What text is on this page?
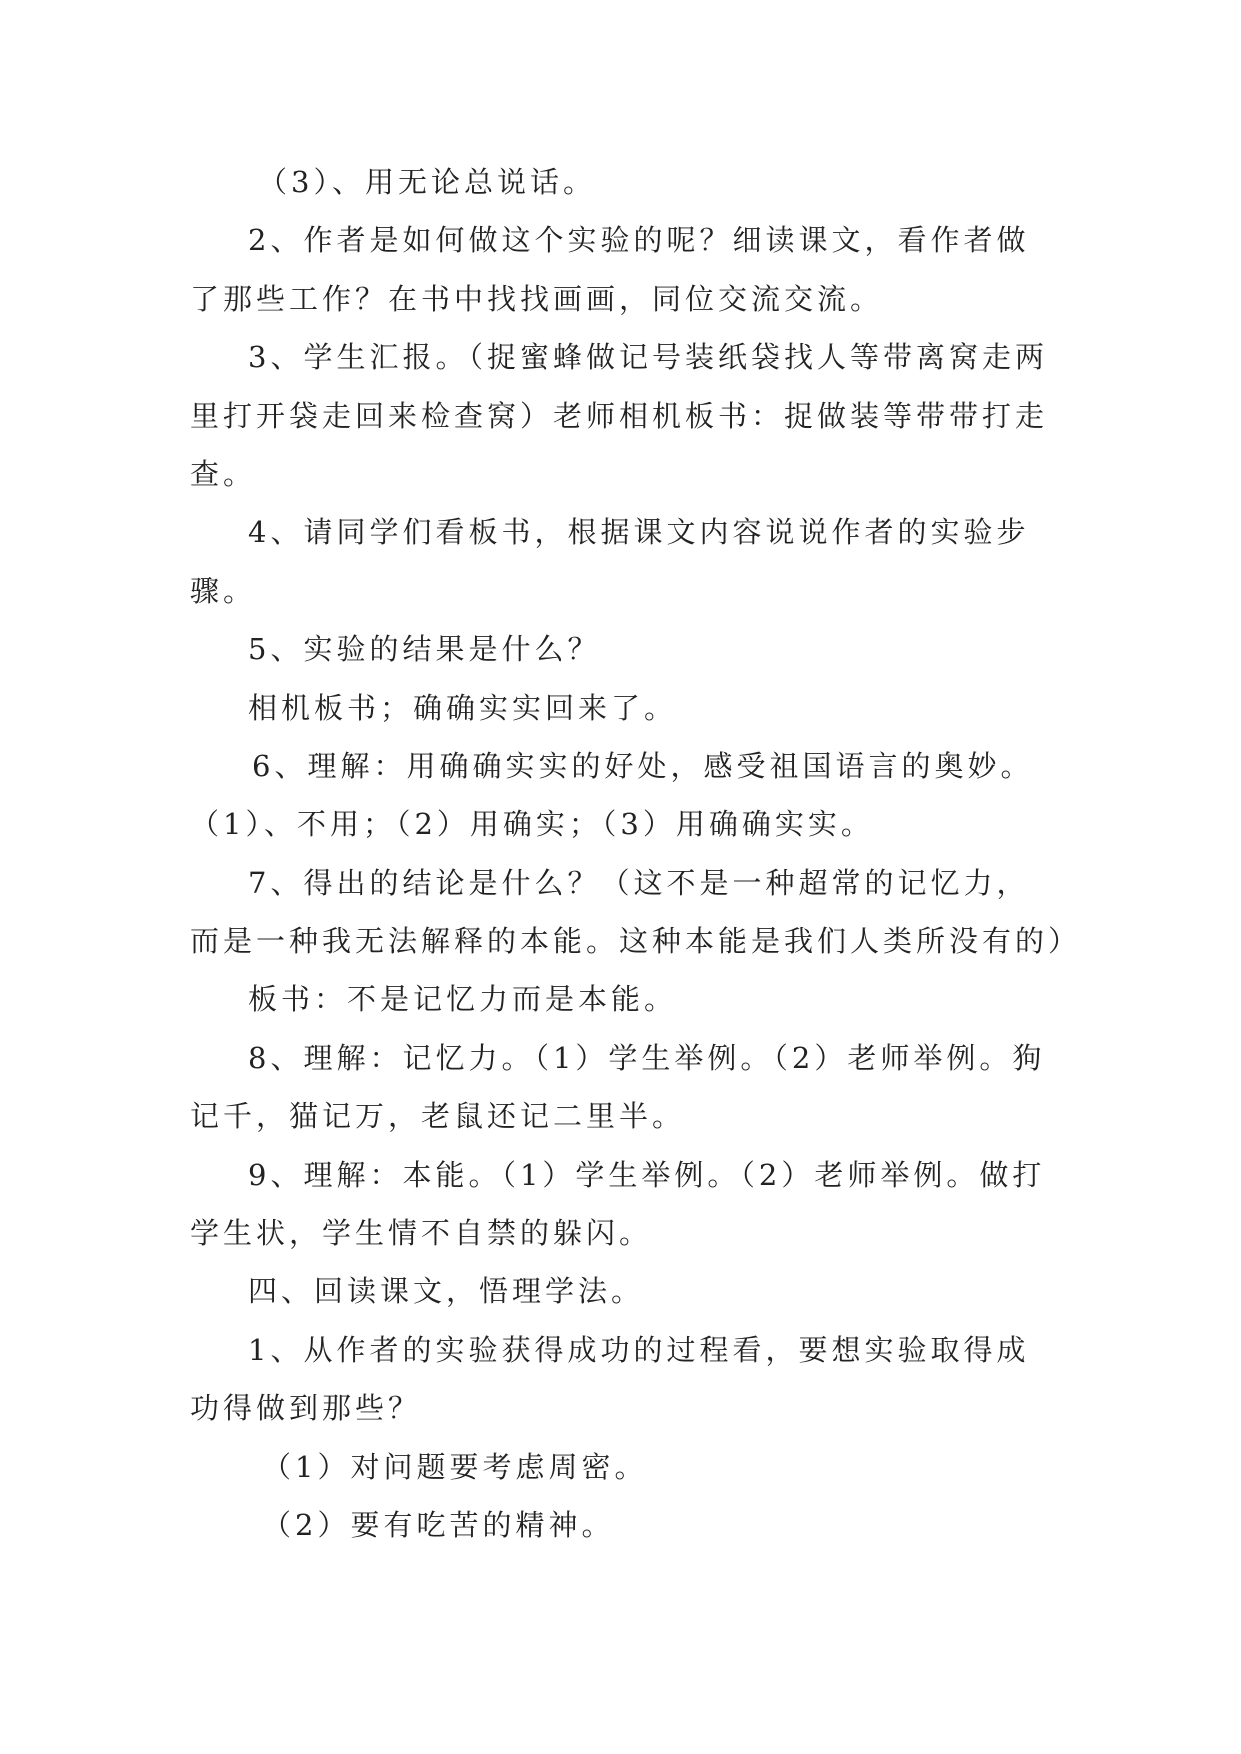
（3）、用无论总说话。
2、作者是如何做这个实验的呢？细读课文，看作者做
了那些工作？在书中找找画画，同位交流交流。
3、学生汇报。（捉蜜蜂做记号装纸袋找人等带离窝走两
里打开袋走回来检查窝）老师相机板书：捉做装等带带打走
查。
4、请同学们看板书，根据课文内容说说作者的实验步
骤。
5、实验的结果是什么？
相机板书；确确实实回来了。
6、理解：用确确实实的好处，感受祖国语言的奥妙。
（1）、不用；（2）用确实；（3）用确确实实。
7、得出的结论是什么？（这不是一种超常的记忆力，
而是一种我无法解释的本能。这种本能是我们人类所没有的）
板书：不是记忆力而是本能。
8、理解：记忆力。（1）学生举例。（2）老师举例。狗
记千，猫记万，老鼠还记二里半。
9、理解：本能。（1）学生举例。（2）老师举例。做打
学生状，学生情不自禁的躲闪。
四、回读课文，悟理学法。
1、从作者的实验获得成功的过程看，要想实验取得成
功得做到那些？
（1）对问题要考虑周密。
（2）要有吃苦的精神。
